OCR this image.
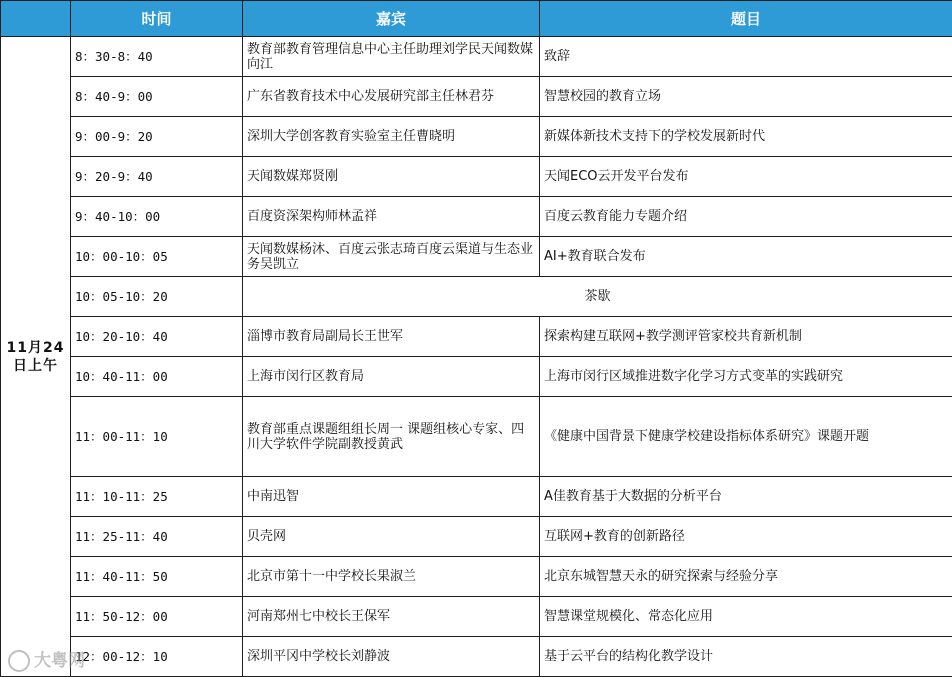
	时间	嘉宾	题目
11月24日上午	8：30-8：40	教育部教育管理信息中心主任助理刘学民天闻数媒向江	致辞
	8：40-9：00	广东省教育技术中心发展研究部主任林君芬	智慧校园的教育立场
	9：00-9：20	深圳大学创客教育实验室主任曹晓明	新媒体新技术支持下的学校发展新时代
	9：20-9：40	天闻数媒郑贤刚	天闻ECO云开发平台发布
	9：40-10：00	百度资深架构师林孟祥	百度云教育能力专题介绍
	10：00-10：05	天闻数媒杨沐、百度云张志琦百度云渠道与生态业务吴凯立	AI+教育联合发布
	10：05-10：20	茶歇	
	10：20-10：40	淄博市教育局副局长王世军	探索构建互联网+教学测评管家校共育新机制
	10：40-11：00	上海市闵行区教育局	上海市闵行区域推进数字化学习方式变革的实践研究
	11：00-11：10	教育部重点课题组组长周一 课题组核心专家、四川大学软件学院副教授黄武	《健康中国背景下健康学校建设指标体系研究》课题开题
	11：10-11：25	中南迅智	A佳教育基于大数据的分析平台
	11：25-11：40	贝壳网	互联网+教育的创新路径
	11：40-11：50	北京市第十一中学校长果淑兰	北京东城智慧天永的研究探索与经验分享
	11：50-12：00	河南郑州七中校长王保军	智慧课堂规模化、常态化应用
	12：00-12：10	深圳平冈中学校长刘静波	基于云平台的结构化教学设计
大粤网
